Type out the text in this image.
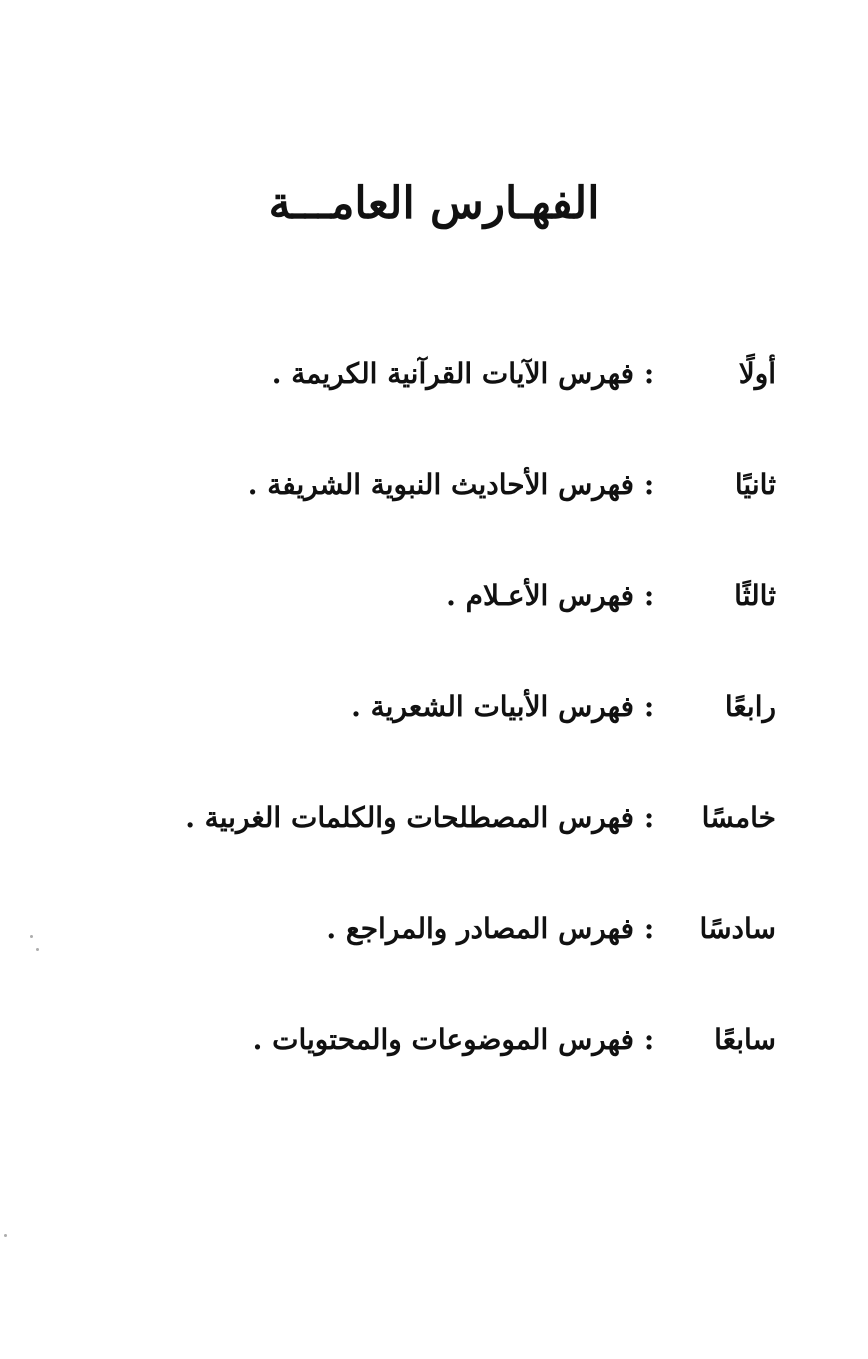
الفهـارس العامـــة
أولًا
:
فهرس الآيات القرآنية الكريمة .
ثانيًا
:
فهرس الأحاديث النبوية الشريفة .
ثالثًا
:
فهرس الأعـلام .
رابعًا
:
فهرس الأبيات الشعرية .
خامسًا
:
فهرس المصطلحات والكلمات الغربية .
سادسًا
:
فهرس المصادر والمراجع .
سابعًا
:
فهرس الموضوعات والمحتويات .
